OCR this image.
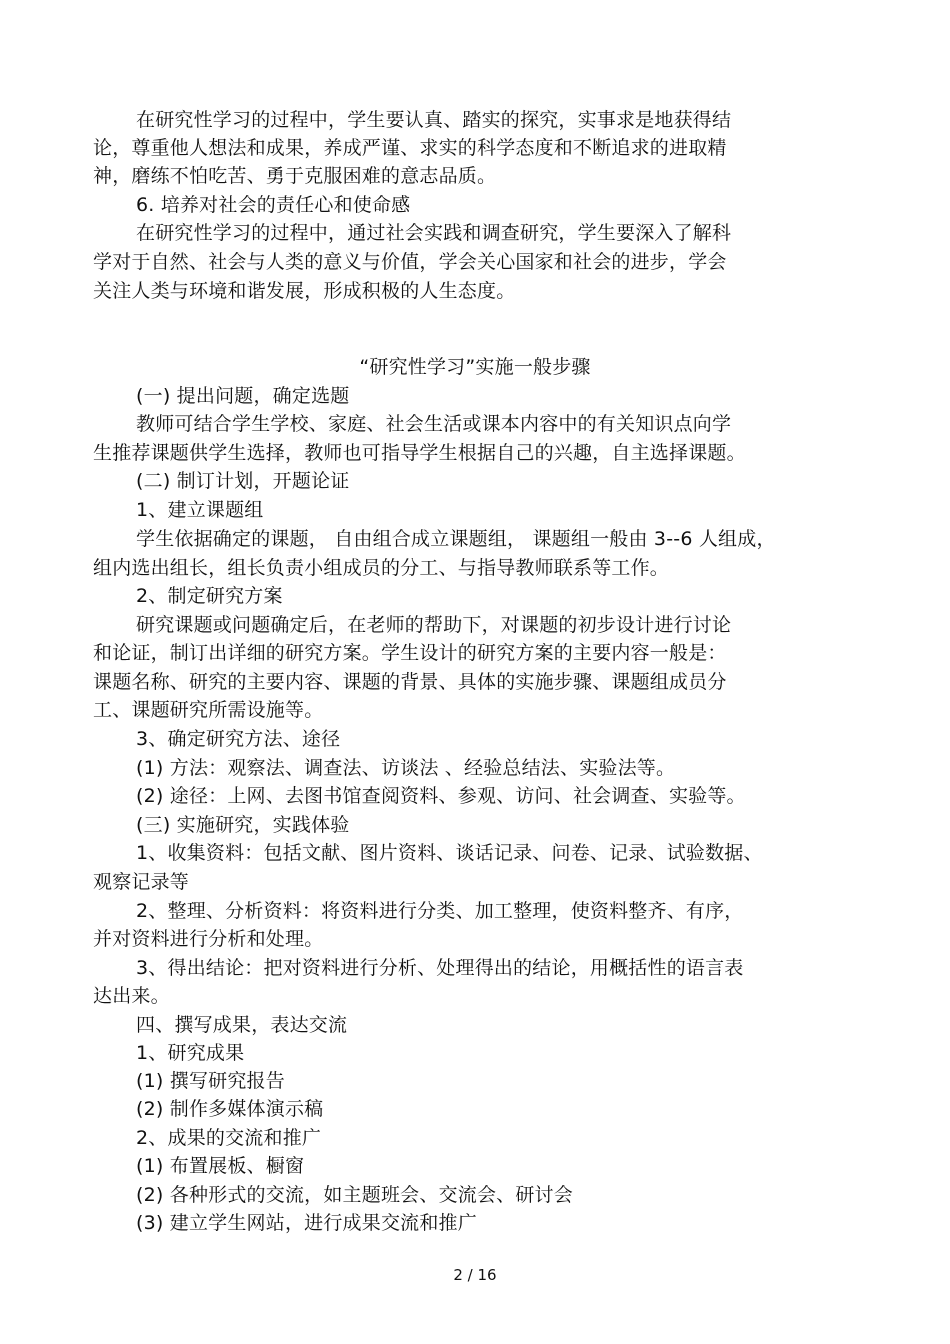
在研究性学习的过程中，学生要认真、踏实的探究，实事求是地获得结

论，尊重他人想法和成果，养成严谨、求实的科学态度和不断追求的进取精

神，磨练不怕吃苦、勇于克服困难的意志品质。

6. 培养对社会的责任心和使命感

在研究性学习的过程中，通过社会实践和调查研究，学生要深入了解科

学对于自然、社会与人类的意义与价值，学会关心国家和社会的进步，学会

关注人类与环境和谐发展，形成积极的人生态度。

“研究性学习”实施一般步骤

(一) 提出问题，确定选题

教师可结合学生学校、家庭、社会生活或课本内容中的有关知识点向学

生推荐课题供学生选择，教师也可指导学生根据自己的兴趣，自主选择课题。

(二) 制订计划，开题论证

1、建立课题组

学生依据确定的课题， 自由组合成立课题组， 课题组一般由 3--6 人组成，

组内选出组长，组长负责小组成员的分工、与指导教师联系等工作。

2、制定研究方案

研究课题或问题确定后，在老师的帮助下，对课题的初步设计进行讨论

和论证，制订出详细的研究方案。学生设计的研究方案的主要内容一般是：

课题名称、研究的主要内容、课题的背景、具体的实施步骤、课题组成员分

工、课题研究所需设施等。

3、确定研究方法、途径

(1) 方法：观察法、调查法、访谈法 、经验总结法、实验法等。

(2) 途径：上网、去图书馆查阅资料、参观、访问、社会调查、实验等。

(三) 实施研究，实践体验

1、收集资料：包括文献、图片资料、谈话记录、问卷、记录、试验数据、

观察记录等

2、整理、分析资料：将资料进行分类、加工整理，使资料整齐、有序，

并对资料进行分析和处理。

3、得出结论：把对资料进行分析、处理得出的结论，用概括性的语言表

达出来。

四、撰写成果，表达交流

1、研究成果

(1) 撰写研究报告

(2) 制作多媒体演示稿

2、成果的交流和推广

(1) 布置展板、橱窗

(2) 各种形式的交流，如主题班会、交流会、研讨会

(3) 建立学生网站，进行成果交流和推广

2 / 16
